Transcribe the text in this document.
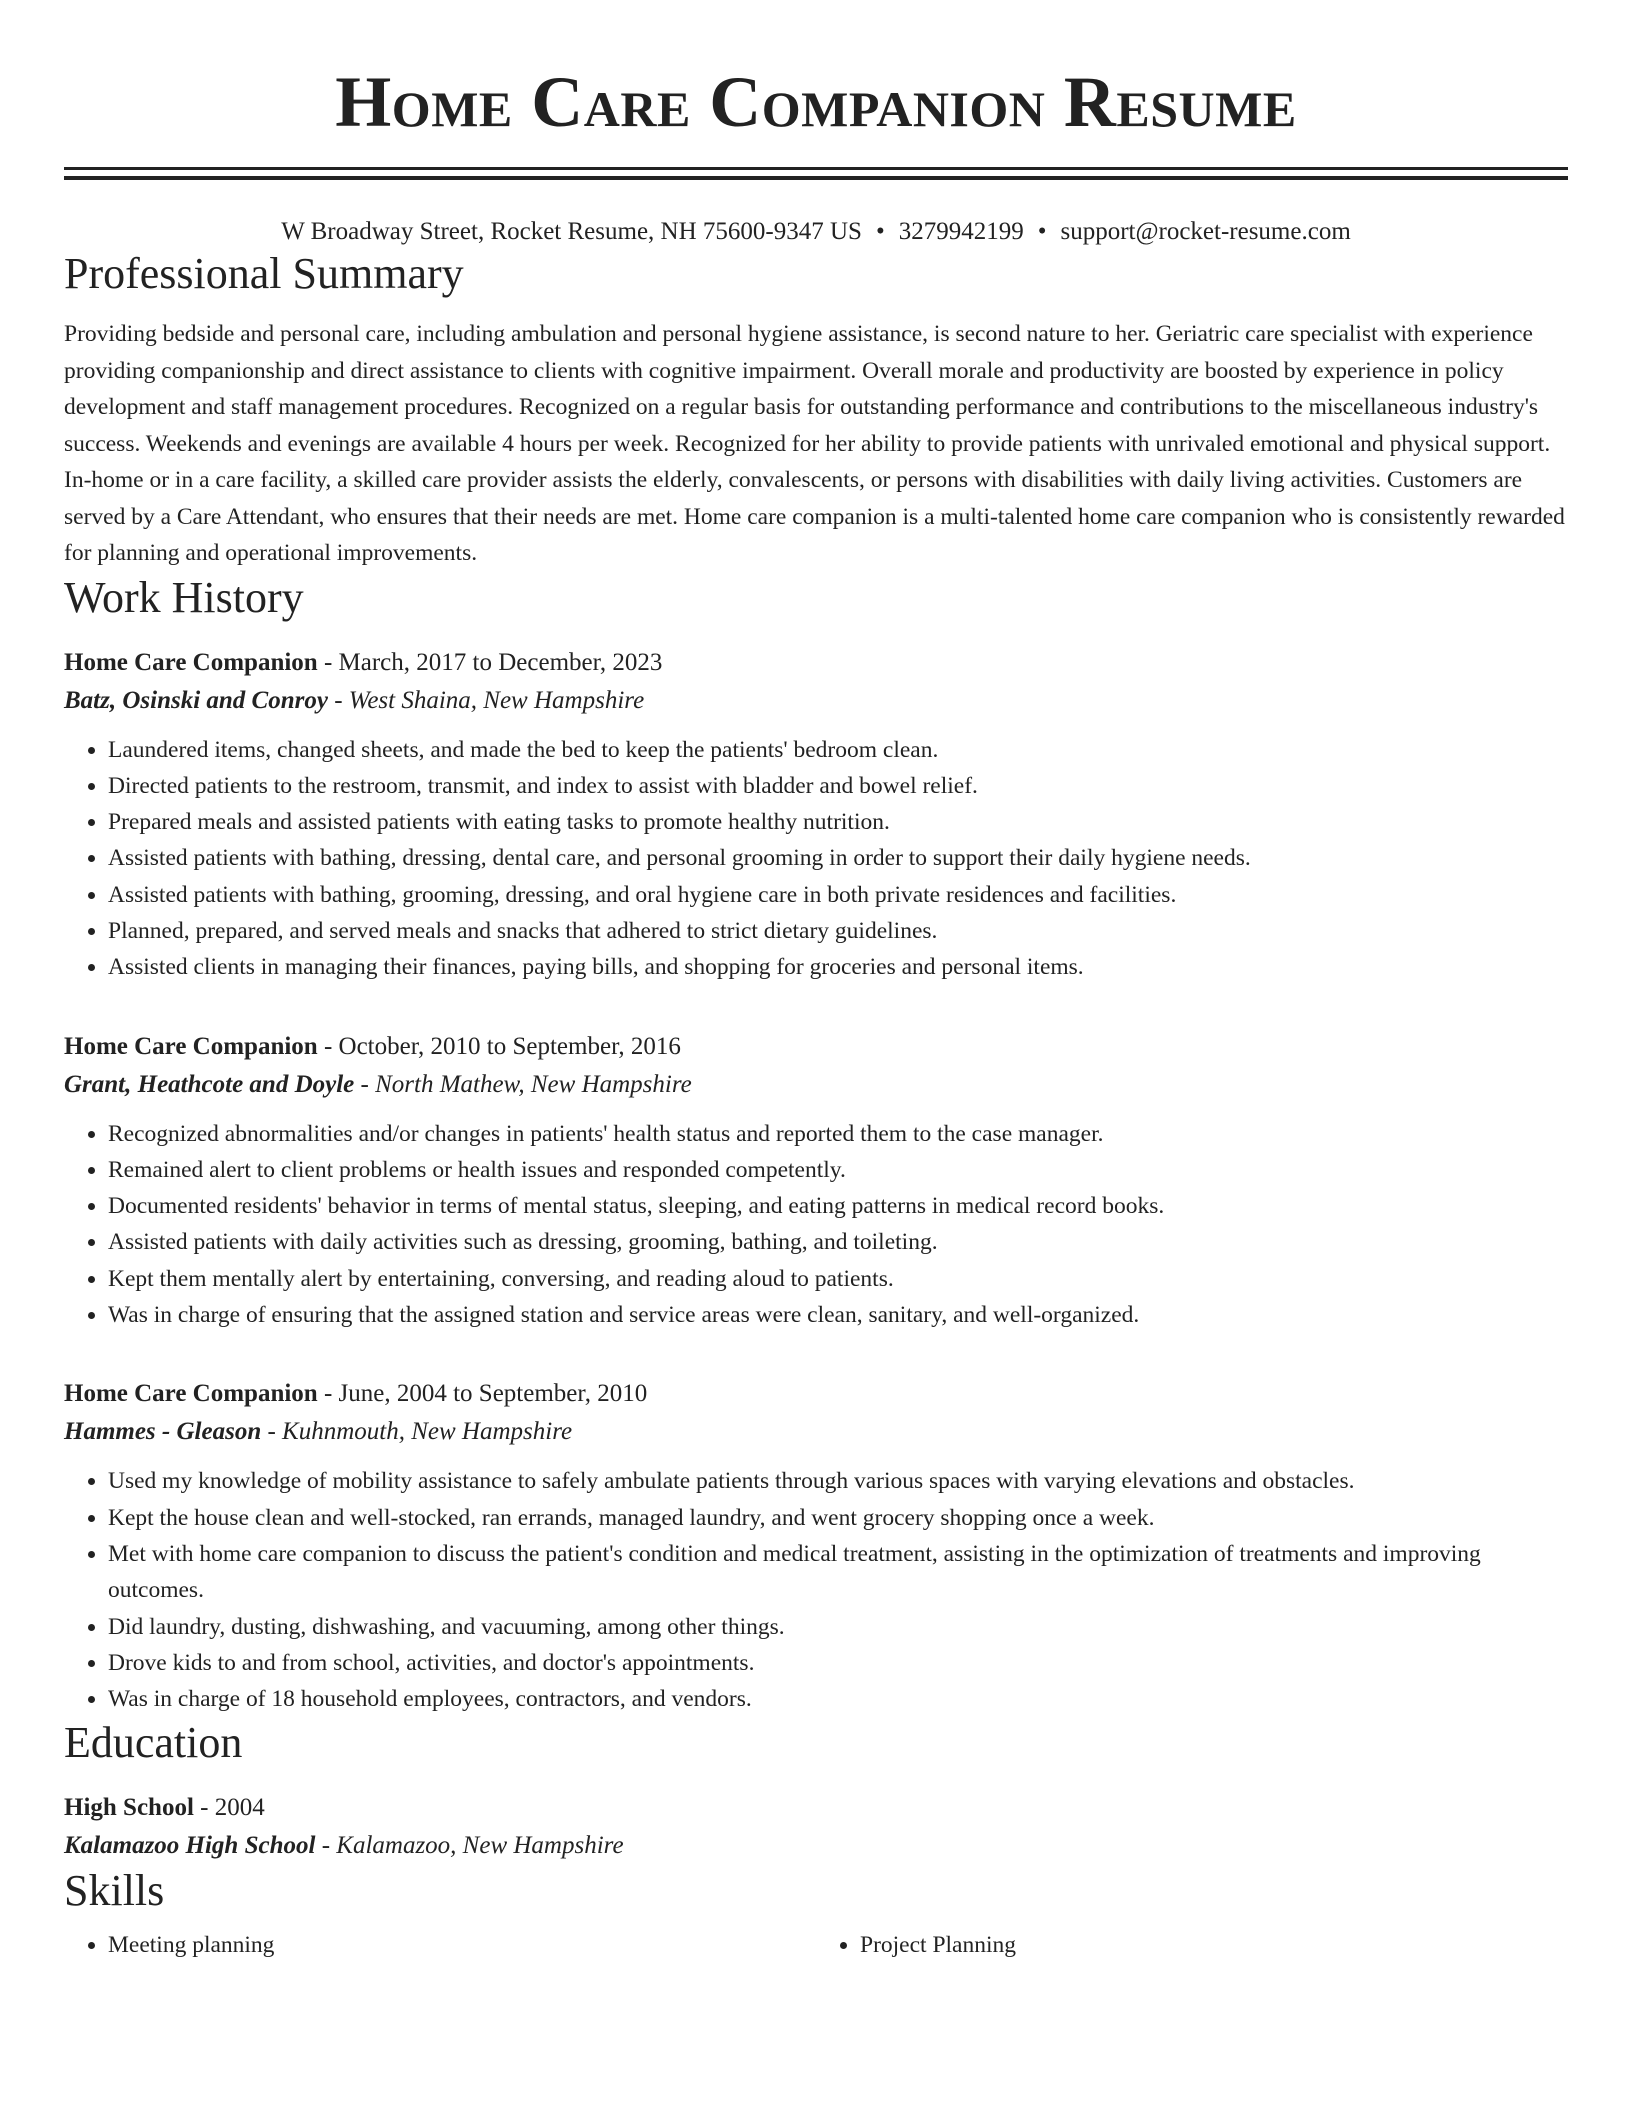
Home Care Companion Resume
W Broadway Street, Rocket Resume, NH 75600-9347 US • 3279942199 • support@rocket-resume.com
Professional Summary

Providing bedside and personal care, including ambulation and personal hygiene assistance, is second nature to her. Geriatric care specialist with experience providing companionship and direct assistance to clients with cognitive impairment. Overall morale and productivity are boosted by experience in policy development and staff management procedures. Recognized on a regular basis for outstanding performance and contributions to the miscellaneous industry's success. Weekends and evenings are available 4 hours per week. Recognized for her ability to provide patients with unrivaled emotional and physical support. In-home or in a care facility, a skilled care provider assists the elderly, convalescents, or persons with disabilities with daily living activities. Customers are served by a Care Attendant, who ensures that their needs are met. Home care companion is a multi-talented home care companion who is consistently rewarded for planning and operational improvements.

Work History
Home Care Companion - March, 2017 to December, 2023
Batz, Osinski and Conroy - West Shaina, New Hampshire
• Laundered items, changed sheets, and made the bed to keep the patients' bedroom clean.
• Directed patients to the restroom, transmit, and index to assist with bladder and bowel relief.
• Prepared meals and assisted patients with eating tasks to promote healthy nutrition.
• Assisted patients with bathing, dressing, dental care, and personal grooming in order to support their daily hygiene needs.
• Assisted patients with bathing, grooming, dressing, and oral hygiene care in both private residences and facilities.
• Planned, prepared, and served meals and snacks that adhered to strict dietary guidelines.
• Assisted clients in managing their finances, paying bills, and shopping for groceries and personal items.
Home Care Companion - October, 2010 to September, 2016
Grant, Heathcote and Doyle - North Mathew, New Hampshire
• Recognized abnormalities and/or changes in patients' health status and reported them to the case manager.
• Remained alert to client problems or health issues and responded competently.
• Documented residents' behavior in terms of mental status, sleeping, and eating patterns in medical record books.
• Assisted patients with daily activities such as dressing, grooming, bathing, and toileting.
• Kept them mentally alert by entertaining, conversing, and reading aloud to patients.
• Was in charge of ensuring that the assigned station and service areas were clean, sanitary, and well-organized.
Home Care Companion - June, 2004 to September, 2010
Hammes - Gleason - Kuhnmouth, New Hampshire
• Used my knowledge of mobility assistance to safely ambulate patients through various spaces with varying elevations and obstacles.
• Kept the house clean and well-stocked, ran errands, managed laundry, and went grocery shopping once a week.
• Met with home care companion to discuss the patient's condition and medical treatment, assisting in the optimization of treatments and improving outcomes.
• Did laundry, dusting, dishwashing, and vacuuming, among other things.
• Drove kids to and from school, activities, and doctor's appointments.
• Was in charge of 18 household employees, contractors, and vendors.
Education
High School - 2004
Kalamazoo High School - Kalamazoo, New Hampshire
Skills
• Meeting planning
•	Project Planning
